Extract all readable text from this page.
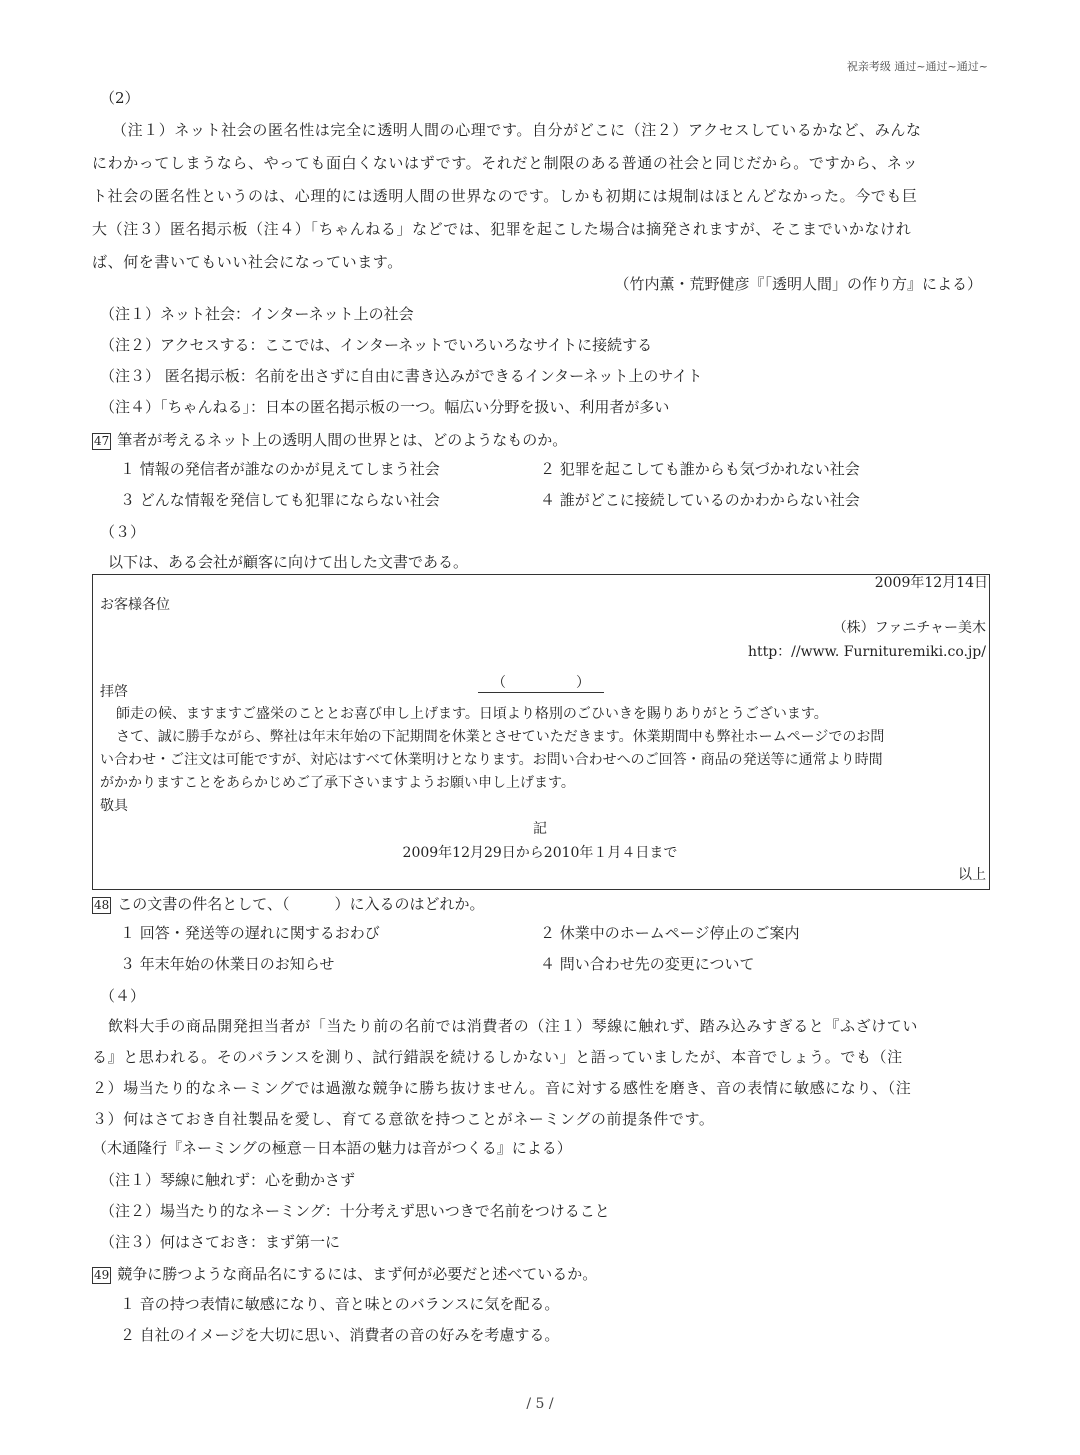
祝亲考级 通过~通过~通过~
（2）
（注１）ネット社会の匿名性は完全に透明人間の心理です。自分がどこに（注２）アクセスしているかなど、みんな
にわかってしまうなら、やっても面白くないはずです。それだと制限のある普通の社会と同じだから。ですから、ネッ
ト社会の匿名性というのは、心理的には透明人間の世界なのです。しかも初期には規制はほとんどなかった。今でも巨
大（注３）匿名掲示板（注４）「ちゃんねる」などでは、犯罪を起こした場合は摘発されますが、そこまでいかなけれ
ば、何を書いてもいい社会になっています。
（竹内薫・荒野健彦『「透明人間」の作り方』による）
（注１）ネット社会：インターネット上の社会
（注２）アクセスする：ここでは、インターネットでいろいろなサイトに接続する
（注３） 匿名掲示板：名前を出さずに自由に書き込みができるインターネット上のサイト
（注４）「ちゃんねる」：日本の匿名掲示板の一つ。幅広い分野を扱い、利用者が多い
47 筆者が考えるネット上の透明人間の世界とは、どのようなものか。
１ 情報の発信者が誰なのかが見えてしまう社会	２ 犯罪を起こしても誰からも気づかれない社会
３ どんな情報を発信しても犯罪にならない社会	４ 誰がどこに接続しているのかわからない社会
（３）
以下は、ある会社が顧客に向けて出した文書である。
2009年12月14日
お客様各位
（株）ファニチャー美木
http：//www. Furnituremiki.co.jp/
（　　　　　）
拝啓
師走の候、ますますご盛栄のこととお喜び申し上げます。日頃より格別のごひいきを賜りありがとうございます。
さて、誠に勝手ながら、弊社は年末年始の下記期間を休業とさせていただきます。休業期間中も弊社ホームページでのお問
い合わせ・ご注文は可能ですが、対応はすべて休業明けとなります。お問い合わせへのご回答・商品の発送等に通常より時間
がかかりますことをあらかじめご了承下さいますようお願い申し上げます。
敬具
記
2009年12月29日から2010年１月４日まで
以上
48 この文書の件名として、（　　　）に入るのはどれか。
１ 回答・発送等の遅れに関するおわび	２ 休業中のホームページ停止のご案内
３ 年末年始の休業日のお知らせ	４ 問い合わせ先の変更について
（４）
飲料大手の商品開発担当者が「当たり前の名前では消費者の（注１）琴線に触れず、踏み込みすぎると『ふざけてい
る』と思われる。そのバランスを測り、試行錯誤を続けるしかない」と語っていましたが、本音でしょう。でも（注
２）場当たり的なネーミングでは過激な競争に勝ち抜けません。音に対する感性を磨き、音の表情に敏感になり、（注
３）何はさておき自社製品を愛し、育てる意欲を持つことがネーミングの前提条件です。
（木通隆行『ネーミングの極意－日本語の魅力は音がつくる』による）
（注１）琴線に触れず：心を動かさず
（注２）場当たり的なネーミング：十分考えず思いつきで名前をつけること
（注３）何はさておき：まず第一に
49 競争に勝つような商品名にするには、まず何が必要だと述べているか。
１ 音の持つ表情に敏感になり、音と味とのバランスに気を配る。
２ 自社のイメージを大切に思い、消費者の音の好みを考慮する。
/ 5 /
